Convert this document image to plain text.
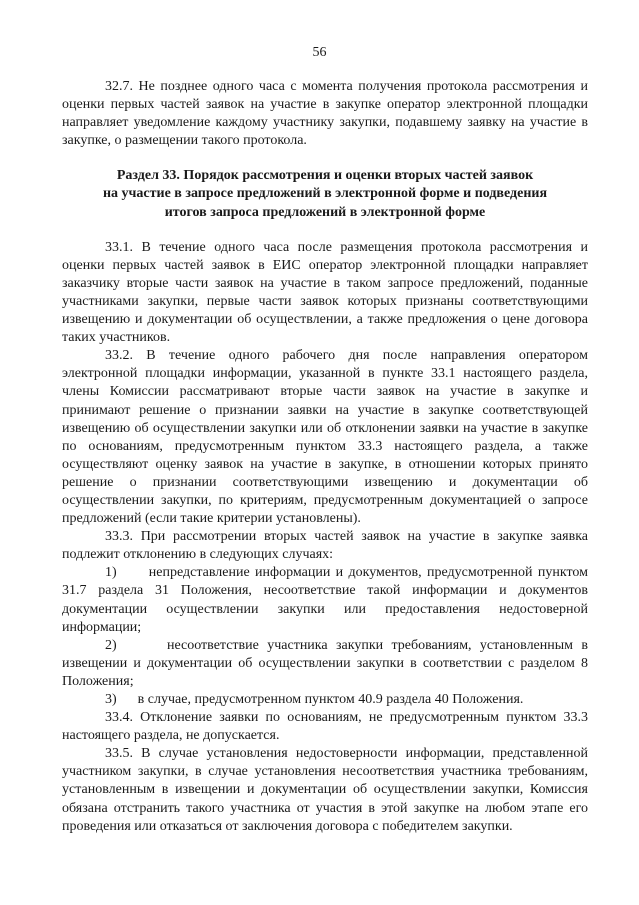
56

32.7. Не позднее одного часа с момента получения протокола рассмотрения и оценки первых частей заявок на участие в закупке оператор электронной площадки направляет уведомление каждому участнику закупки, подавшему заявку на участие в закупке, о размещении такого протокола.

Раздел 33. Порядок рассмотрения и оценки вторых частей заявок
на участие в запросе предложений в электронной форме и подведения
итогов запроса предложений в электронной форме

33.1. В течение одного часа после размещения протокола рассмотрения и оценки первых частей заявок в ЕИС оператор электронной площадки направляет заказчику вторые части заявок на участие в таком запросе предложений, поданные участниками закупки, первые части заявок которых признаны соответствующими извещению и документации об осуществлении, а также предложения о цене договора таких участников.

33.2. В течение одного рабочего дня после направления оператором электронной площадки информации, указанной в пункте 33.1 настоящего раздела, члены Комиссии рассматривают вторые части заявок на участие в закупке и принимают решение о признании заявки на участие в закупке соответствующей извещению об осуществлении закупки или об отклонении заявки на участие в закупке по основаниям, предусмотренным пунктом 33.3 настоящего раздела, а также осуществляют оценку заявок на участие в закупке, в отношении которых принято решение о признании соответствующими извещению и документации об осуществлении закупки, по критериям, предусмотренным документацией о запросе предложений (если такие критерии установлены).

33.3. При рассмотрении вторых частей заявок на участие в закупке заявка подлежит отклонению в следующих случаях:

1) непредставление информации и документов, предусмотренной пунктом 31.7 раздела 31 Положения, несоответствие такой информации и документов документации осуществлении закупки или предоставления недостоверной информации;

2)	несоответствие участника закупки требованиям, установленным в извещении и документации об осуществлении закупки в соответствии с разделом 8 Положения;

3) в случае, предусмотренном пунктом 40.9 раздела 40 Положения.

33.4. Отклонение заявки по основаниям, не предусмотренным пунктом 33.3 настоящего раздела, не допускается.

33.5. В случае установления недостоверности информации, представленной участником закупки, в случае установления несоответствия участника требованиям, установленным в извещении и документации об осуществлении закупки, Комиссия обязана отстранить такого участника от участия в этой закупке на любом этапе его проведения или отказаться от заключения договора с победителем закупки.
